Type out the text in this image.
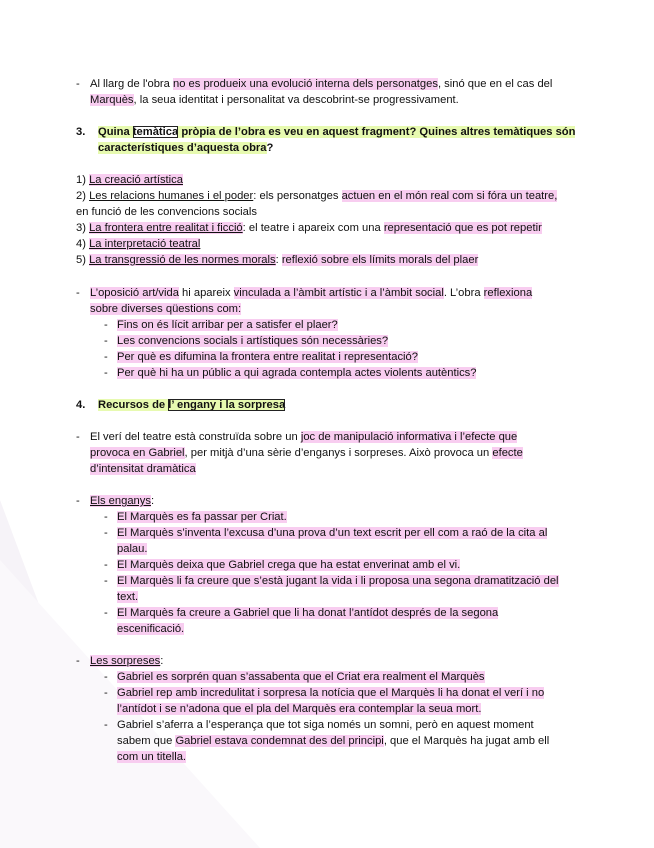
- Al llarg de l'obra no es produeix una evolució interna dels personatges, sinó que en el cas del
Marquès, la seua identitat i personalitat va descobrint-se progressivament.
3. Quina temàtica pròpia de l’obra es veu en aquest fragment? Quines altres temàtiques són
característiques d’aquesta obra?
1) La creació artística
2) Les relacions humanes i el poder: els personatges actuen en el món real com si fóra un teatre,
en funció de les convencions socials
3) La frontera entre realitat i ficció: el teatre i apareix com una representació que es pot repetir
4) La interpretació teatral
5) La transgressió de les normes morals: reflexió sobre els límits morals del plaer
- L’oposició art/vida hi apareix vinculada a l’àmbit artístic i a l’àmbit social. L’obra reflexiona
sobre diverses qüestions com:
- Fins on és lícit arribar per a satisfer el plaer?
- Les convencions socials i artístiques són necessàries?
- Per què es difumina la frontera entre realitat i representació?
- Per què hi ha un públic a qui agrada contempla actes violents autèntics?
4. Recursos de l’ engany i la sorpresa
- El verí del teatre està construïda sobre un joc de manipulació informativa i l’efecte que
provoca en Gabriel, per mitjà d’una sèrie d’enganys i sorpreses. Això provoca un efecte
d’intensitat dramàtica
- Els enganys:
- El Marquès es fa passar per Criat.
- El Marquès s’inventa l’excusa d’una prova d’un text escrit per ell com a raó de la cita al
palau.
- El Marquès deixa que Gabriel crega que ha estat enverinat amb el vi.
- El Marquès li fa creure que s’està jugant la vida i li proposa una segona dramatització del
text.
- El Marquès fa creure a Gabriel que li ha donat l’antídot després de la segona
escenificació.
- Les sorpreses:
- Gabriel es sorprén quan s’assabenta que el Criat era realment el Marquès
- Gabriel rep amb incredulitat i sorpresa la notícia que el Marquès li ha donat el verí i no
l’antídot i se n’adona que el pla del Marquès era contemplar la seua mort.
- Gabriel s’aferra a l’esperança que tot siga només un somni, però en aquest moment
sabem que Gabriel estava condemnat des del principi, que el Marquès ha jugat amb ell
com un titella.
